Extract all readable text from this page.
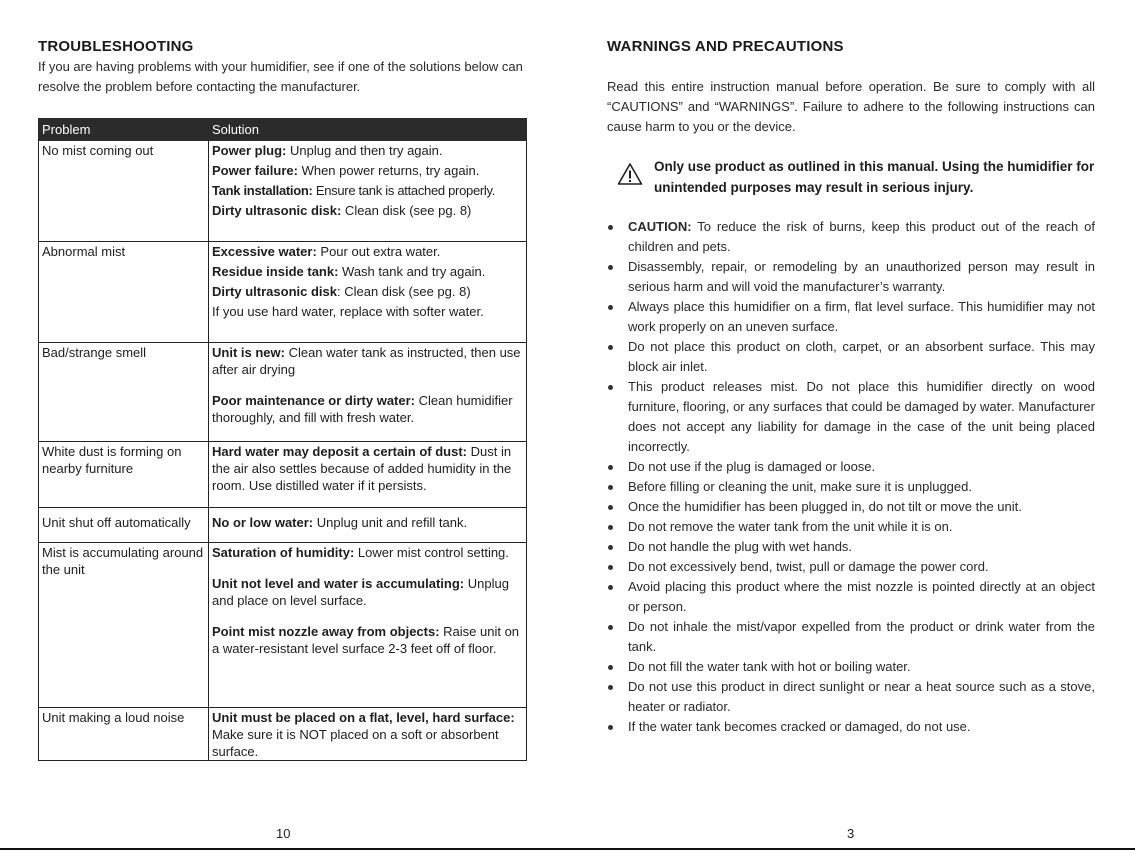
TROUBLESHOOTING

If you are having problems with your humidifier, see if one of the solutions below can resolve the problem before contacting the manufacturer.

Problem	Solution
No mist coming out	Power plug: Unplug and then try again.
Power failure: When power returns, try again.
Tank installation: Ensure tank is attached properly.
Dirty ultrasonic disk: Clean disk (see pg. 8)

Abnormal mist	Excessive water: Pour out extra water.
Residue inside tank: Wash tank and try again.
Dirty ultrasonic disk: Clean disk (see pg. 8)
If you use hard water, replace with softer water.

Bad/strange smell	Unit is new: Clean water tank as instructed, then use after air drying
Poor maintenance or dirty water: Clean humidifier thoroughly, and fill with fresh water.

White dust is forming on nearby furniture	Hard water may deposit a certain of dust: Dust in the air also settles because of added humidity in the room. Use distilled water if it persists.

Unit shut off automatically	No or low water: Unplug unit and refill tank.

Mist is accumulating around the unit	Saturation of humidity: Lower mist control setting.
Unit not level and water is accumulating: Unplug and place on level surface.
Point mist nozzle away from objects: Raise unit on a water-resistant level surface 2-3 feet off of floor.

Unit making a loud noise	Unit must be placed on a flat, level, hard surface: Make sure it is NOT placed on a soft or absorbent surface.
10
WARNINGS AND PRECAUTIONS

Read this entire instruction manual before operation. Be sure to comply with all “CAUTIONS” and “WARNINGS”. Failure to adhere to the following instructions can cause harm to you or the device.

Only use product as outlined in this manual. Using the humidifier for unintended purposes may result in serious injury.
CAUTION: To reduce the risk of burns, keep this product out of the reach of children and pets.
Disassembly, repair, or remodeling by an unauthorized person may result in serious harm and will void the manufacturer’s warranty.
Always place this humidifier on a firm, flat level surface. This humidifier may not work properly on an uneven surface.
Do not place this product on cloth, carpet, or an absorbent surface. This may block air inlet.
This product releases mist. Do not place this humidifier directly on wood furniture, flooring, or any surfaces that could be damaged by water. Manufacturer does not accept any liability for damage in the case of the unit being placed incorrectly.
Do not use if the plug is damaged or loose.
Before filling or cleaning the unit, make sure it is unplugged.
Once the humidifier has been plugged in, do not tilt or move the unit.
Do not remove the water tank from the unit while it is on.
Do not handle the plug with wet hands.
Do not excessively bend, twist, pull or damage the power cord.
Avoid placing this product where the mist nozzle is pointed directly at an object or person.
Do not inhale the mist/vapor expelled from the product or drink water from the tank.
Do not fill the water tank with hot or boiling water.
Do not use this product in direct sunlight or near a heat source such as a stove, heater or radiator.
If the water tank becomes cracked or damaged, do not use.
3
